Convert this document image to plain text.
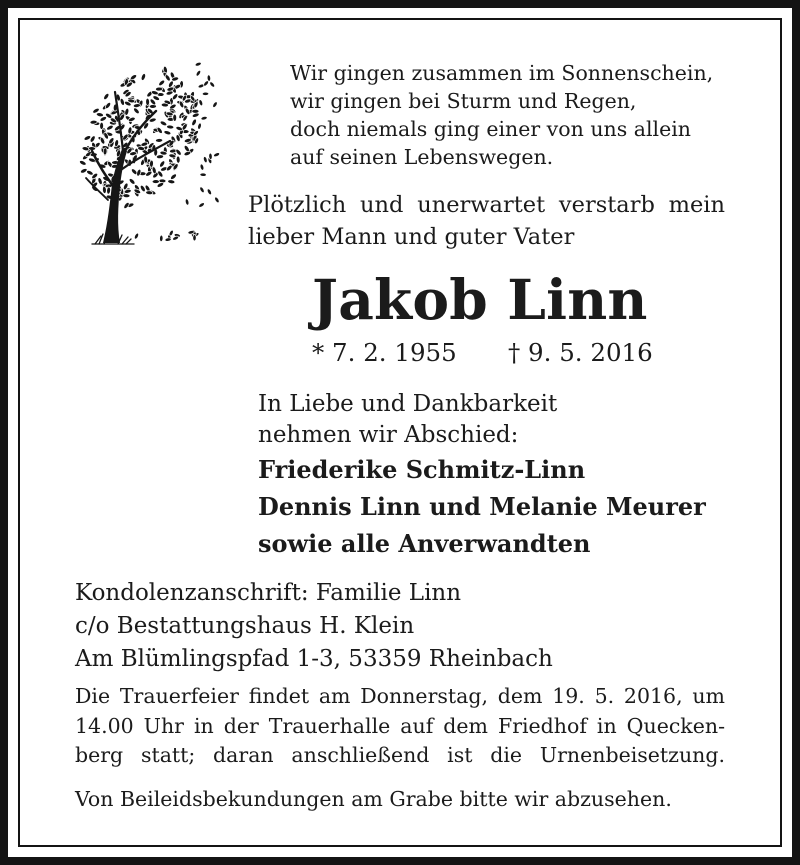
Wir gingen zusammen im Sonnenschein,
wir gingen bei Sturm und Regen,
doch niemals ging einer von uns allein
auf seinen Lebenswegen.
Plötzlich und unerwartet verstarb mein
lieber Mann und guter Vater
Jakob Linn
* 7. 2. 1955 † 9. 5. 2016
In Liebe und Dankbarkeit
nehmen wir Abschied:
Friederike Schmitz-Linn
Dennis Linn und Melanie Meurer
sowie alle Anverwandten
Kondolenzanschrift: Familie Linn
c/o Bestattungshaus H. Klein
Am Blümlingspfad 1-3, 53359 Rheinbach
Die Trauerfeier findet am Donnerstag, dem 19. 5. 2016, um
14.00 Uhr in der Trauerhalle auf dem Friedhof in Quecken-
berg statt; daran anschließend ist die Urnenbeisetzung.
Von Beileidsbekundungen am Grabe bitte wir abzusehen.
